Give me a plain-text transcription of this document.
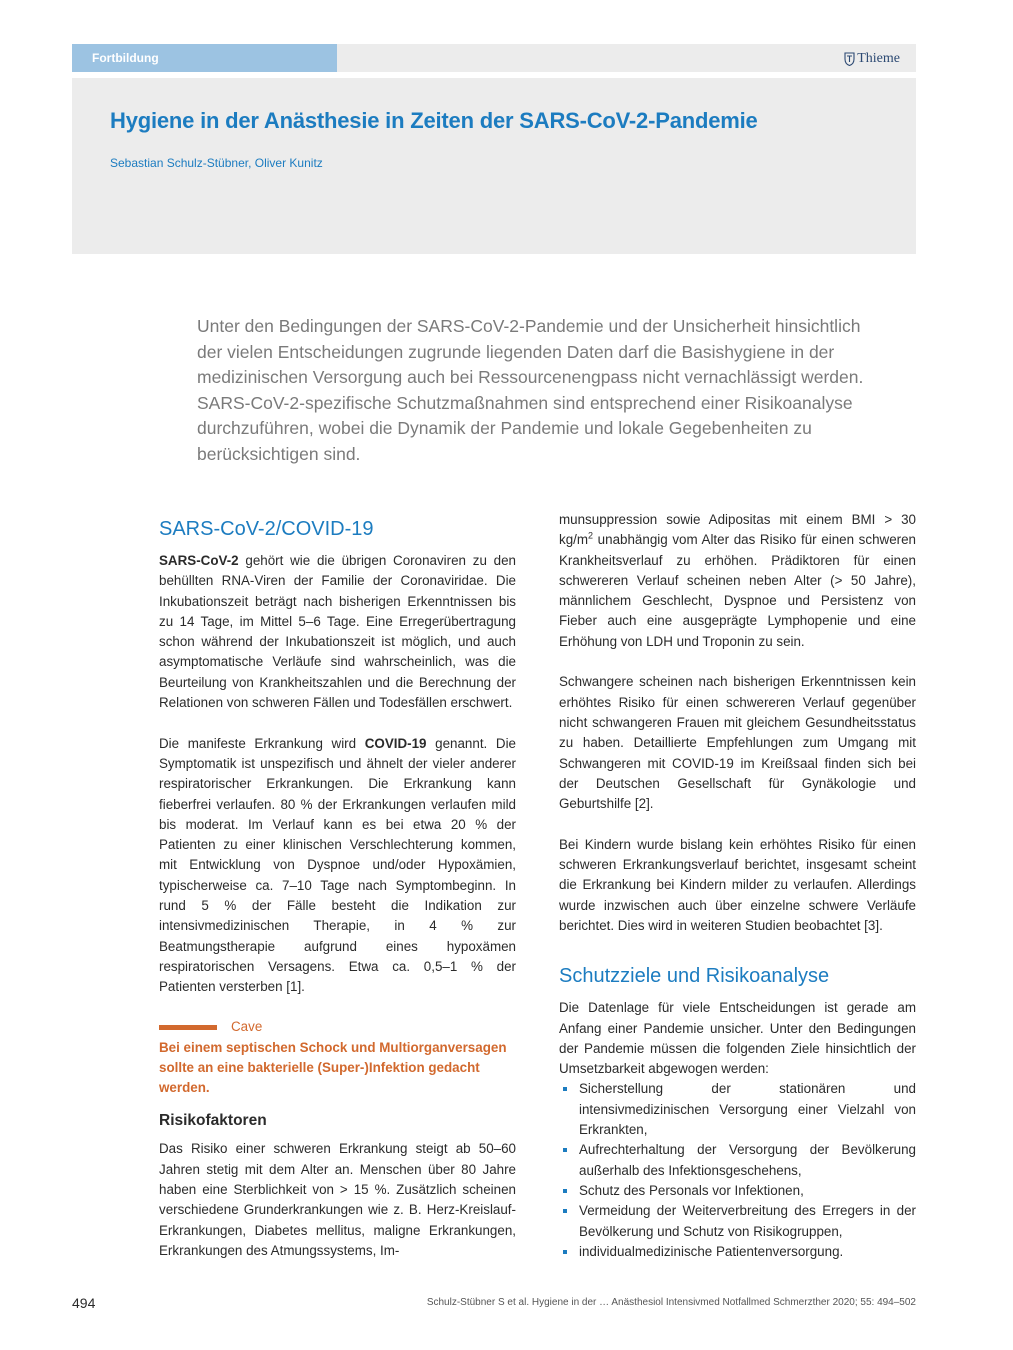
Fortbildung	Thieme
Hygiene in der Anästhesie in Zeiten der SARS-CoV-2-Pandemie
Sebastian Schulz-Stübner, Oliver Kunitz

Unter den Bedingungen der SARS-CoV-2-Pandemie und der Unsicherheit hinsichtlich der vielen Entscheidungen zugrunde liegenden Daten darf die Basishygiene in der medizinischen Versorgung auch bei Ressourcenengpass nicht vernachlässigt werden. SARS-CoV-2-spezifische Schutzmaßnahmen sind entsprechend einer Risikoanalyse durchzuführen, wobei die Dynamik der Pandemie und lokale Gegebenheiten zu berücksichtigen sind.

SARS-CoV-2/COVID-19

SARS-CoV-2 gehört wie die übrigen Coronaviren zu den behüllten RNA-Viren der Familie der Coronaviridae. Die Inkubationszeit beträgt nach bisherigen Erkenntnissen bis zu 14 Tage, im Mittel 5–6 Tage. Eine Erregerübertragung schon während der Inkubationszeit ist möglich, und auch asymptomatische Verläufe sind wahrscheinlich, was die Beurteilung von Krankheitszahlen und die Berechnung der Relationen von schweren Fällen und Todesfällen erschwert.

Die manifeste Erkrankung wird COVID-19 genannt. Die Symptomatik ist unspezifisch und ähnelt der vieler anderer respiratorischer Erkrankungen. Die Erkrankung kann fieberfrei verlaufen. 80 % der Erkrankungen verlaufen mild bis moderat. Im Verlauf kann es bei etwa 20 % der Patienten zu einer klinischen Verschlechterung kommen, mit Entwicklung von Dyspnoe und/oder Hypoxämien, typischerweise ca. 7–10 Tage nach Symptombeginn. In rund 5 % der Fälle besteht die Indikation zur intensivmedizinischen Therapie, in 4 % zur Beatmungstherapie aufgrund eines hypoxämen respiratorischen Versagens. Etwa ca. 0,5–1 % der Patienten versterben [1].

Cave
Bei einem septischen Schock und Multiorganversagen sollte an eine bakterielle (Super-)Infektion gedacht werden.
Risikofaktoren

Das Risiko einer schweren Erkrankung steigt ab 50–60 Jahren stetig mit dem Alter an. Menschen über 80 Jahre haben eine Sterblichkeit von > 15 %. Zusätzlich scheinen verschiedene Grunderkrankungen wie z. B. Herz-Kreislauf-Erkrankungen, Diabetes mellitus, maligne Erkrankungen, Erkrankungen des Atmungssystems, Im-

munsuppression sowie Adipositas mit einem BMI > 30 $kg/m^2$ unabhängig vom Alter das Risiko für einen schweren Krankheitsverlauf zu erhöhen. Prädiktoren für einen schwereren Verlauf scheinen neben Alter (> 50 Jahre), männlichem Geschlecht, Dyspnoe und Persistenz von Fieber auch eine ausgeprägte Lymphopenie und eine Erhöhung von LDH und Troponin zu sein.

Schwangere scheinen nach bisherigen Erkenntnissen kein erhöhtes Risiko für einen schwereren Verlauf gegenüber nicht schwangeren Frauen mit gleichem Gesundheitsstatus zu haben. Detaillierte Empfehlungen zum Umgang mit Schwangeren mit COVID-19 im Kreißsaal finden sich bei der Deutschen Gesellschaft für Gynäkologie und Geburtshilfe [2].

Bei Kindern wurde bislang kein erhöhtes Risiko für einen schweren Erkrankungsverlauf berichtet, insgesamt scheint die Erkrankung bei Kindern milder zu verlaufen. Allerdings wurde inzwischen auch über einzelne schwere Verläufe berichtet. Dies wird in weiteren Studien beobachtet [3].

Schutzziele und Risikoanalyse

Die Datenlage für viele Entscheidungen ist gerade am Anfang einer Pandemie unsicher. Unter den Bedingungen der Pandemie müssen die folgenden Ziele hinsichtlich der Umsetzbarkeit abgewogen werden:

Sicherstellung der stationären und intensivmedizinischen Versorgung einer Vielzahl von Erkrankten,
Aufrechterhaltung der Versorgung der Bevölkerung außerhalb des Infektionsgeschehens,
Schutz des Personals vor Infektionen,
Vermeidung der Weiterverbreitung des Erregers in der Bevölkerung und Schutz von Risikogruppen,
individualmedizinische Patientenversorgung.
494	Schulz-Stübner S et al. Hygiene in der … Anästhesiol Intensivmed Notfallmed Schmerzther 2020; 55: 494–502
